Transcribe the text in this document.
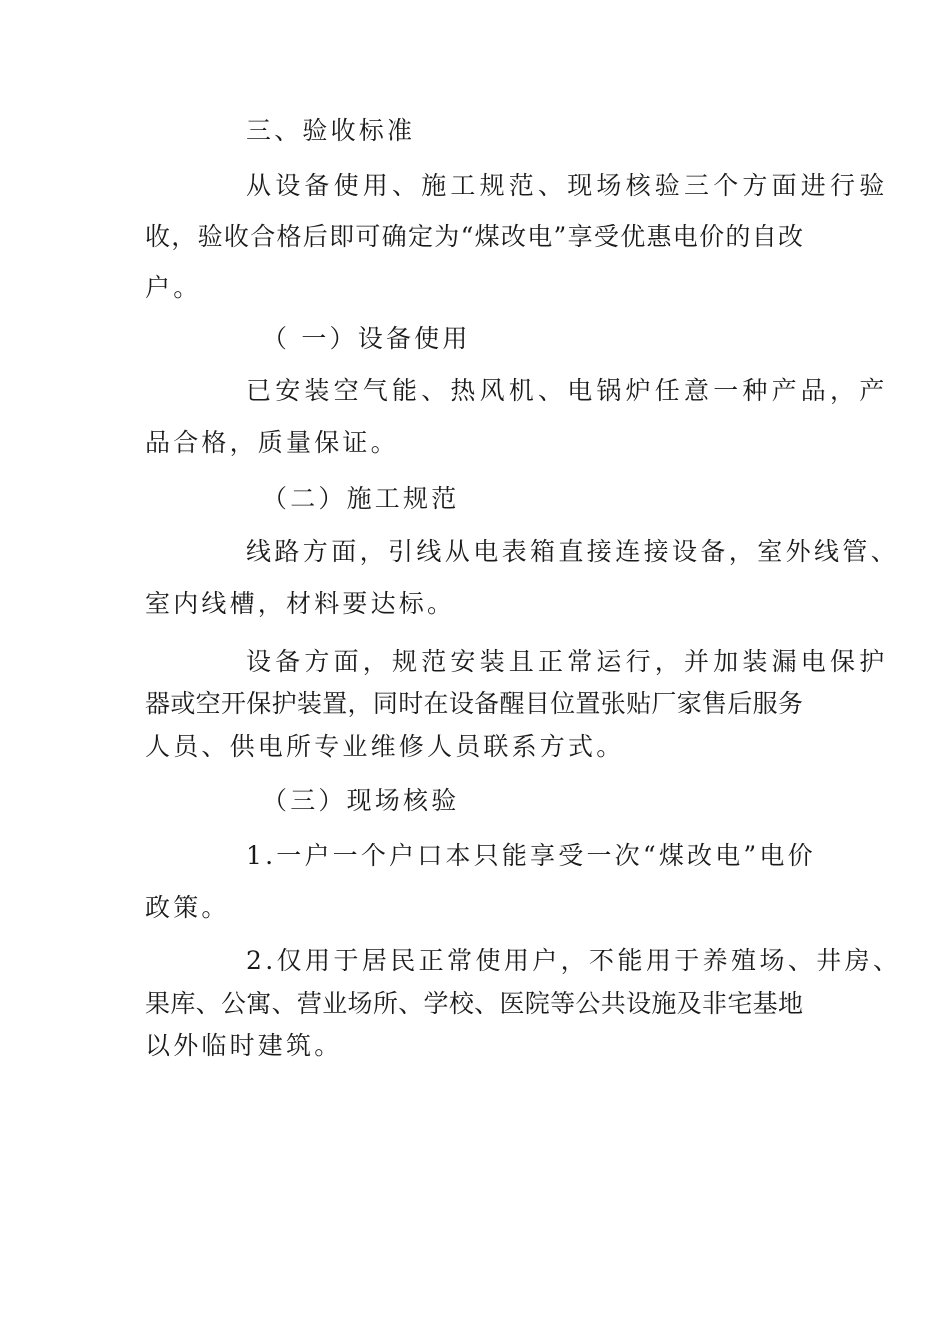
三、验收标准
从设备使用、施工规范、现场核验三个方面进行验
收，验收合格后即可确定为“煤改电”享受优惠电价的自改
户。
（ 一）设备使用
已安装空气能、热风机、电锅炉任意一种产品，产
品合格，质量保证。
（二）施工规范
线路方面，引线从电表箱直接连接设备，室外线管、
室内线槽，材料要达标。
设备方面，规范安装且正常运行，并加装漏电保护
器或空开保护装置，同时在设备醒目位置张贴厂家售后服务
人员、供电所专业维修人员联系方式。
（三）现场核验
1.一户一个户口本只能享受一次“煤改电”电价
政策。
2.仅用于居民正常使用户，不能用于养殖场、井房、
果库、公寓、营业场所、学校、医院等公共设施及非宅基地
以外临时建筑。
